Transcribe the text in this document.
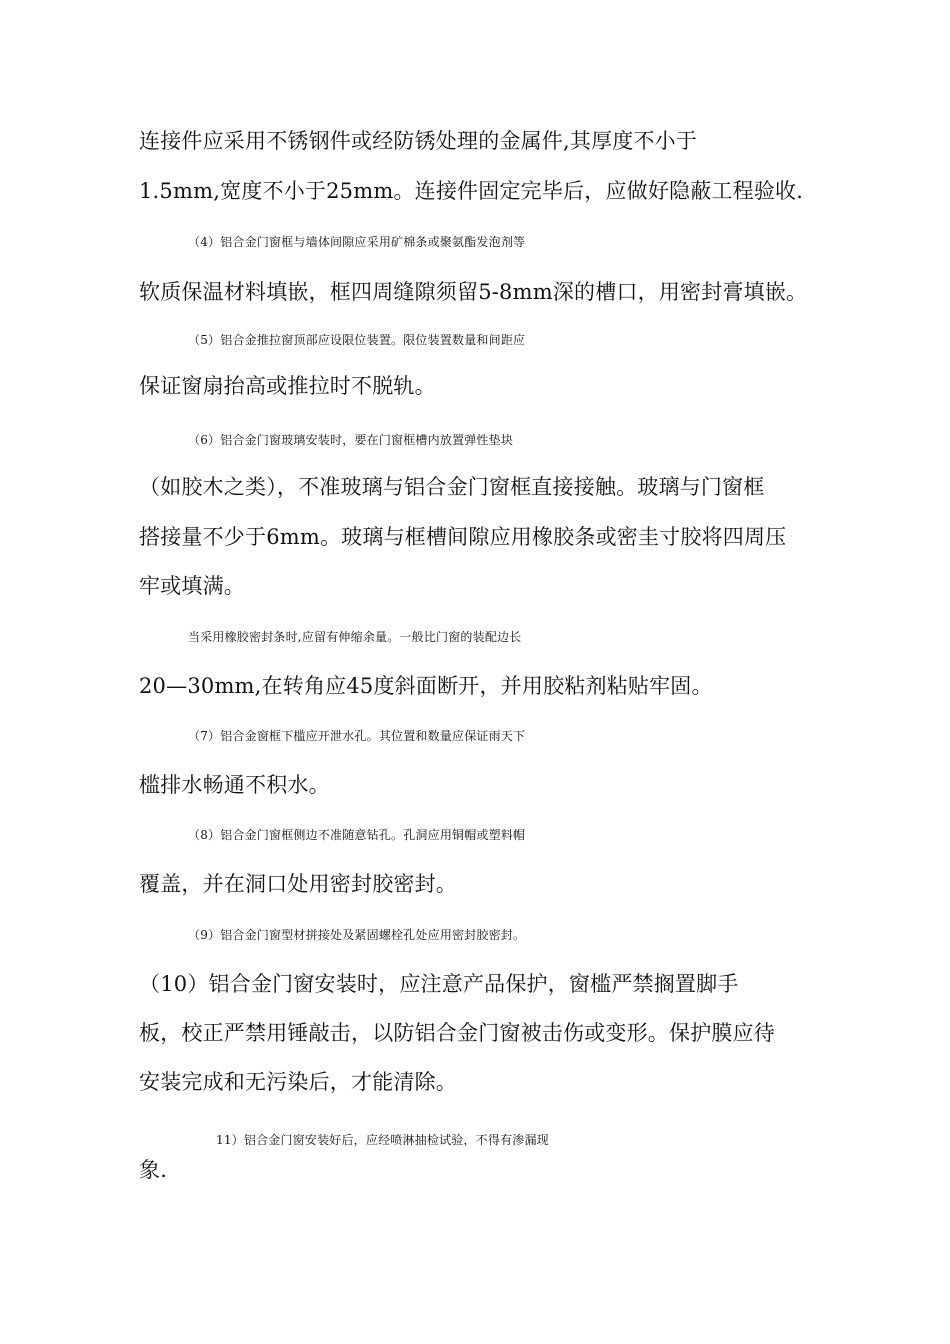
连接件应采用不锈钢件或经防锈处理的金属件,其厚度不小于
1.5mm,宽度不小于25mm。连接件固定完毕后，应做好隐蔽工程验收.
（4）铝合金门窗框与墙体间隙应采用矿棉条或聚氨酯发泡剂等
软质保温材料填嵌，框四周缝隙须留5-8mm深的槽口，用密封膏填嵌。
（5）铝合金推拉窗顶部应设限位装置。限位装置数量和间距应
保证窗扇抬高或推拉时不脱轨。
（6）铝合金门窗玻璃安装时，要在门窗框槽内放置弹性垫块
（如胶木之类），不准玻璃与铝合金门窗框直接接触。玻璃与门窗框
搭接量不少于6mm。玻璃与框槽间隙应用橡胶条或密圭寸胶将四周压
牢或填满。
当采用橡胶密封条时,应留有伸缩余量。一般比门窗的装配边长
20—30mm,在转角应45度斜面断开，并用胶粘剂粘贴牢固。
（7）铝合金窗框下槛应开泄水孔。其位置和数量应保证雨天下
槛排水畅通不积水。
（8）铝合金门窗框侧边不准随意钻孔。孔洞应用铜帽或塑料帽
覆盖，并在洞口处用密封胶密封。
（9）铝合金门窗型材拼接处及紧固螺栓孔处应用密封胶密封。
（10）铝合金门窗安装时，应注意产品保护，窗槛严禁搁置脚手
板，校正严禁用锤敲击，以防铝合金门窗被击伤或变形。保护膜应待
安装完成和无污染后，才能清除。
11）铝合金门窗安装好后，应经喷淋抽检试验，不得有渗漏现
象.
